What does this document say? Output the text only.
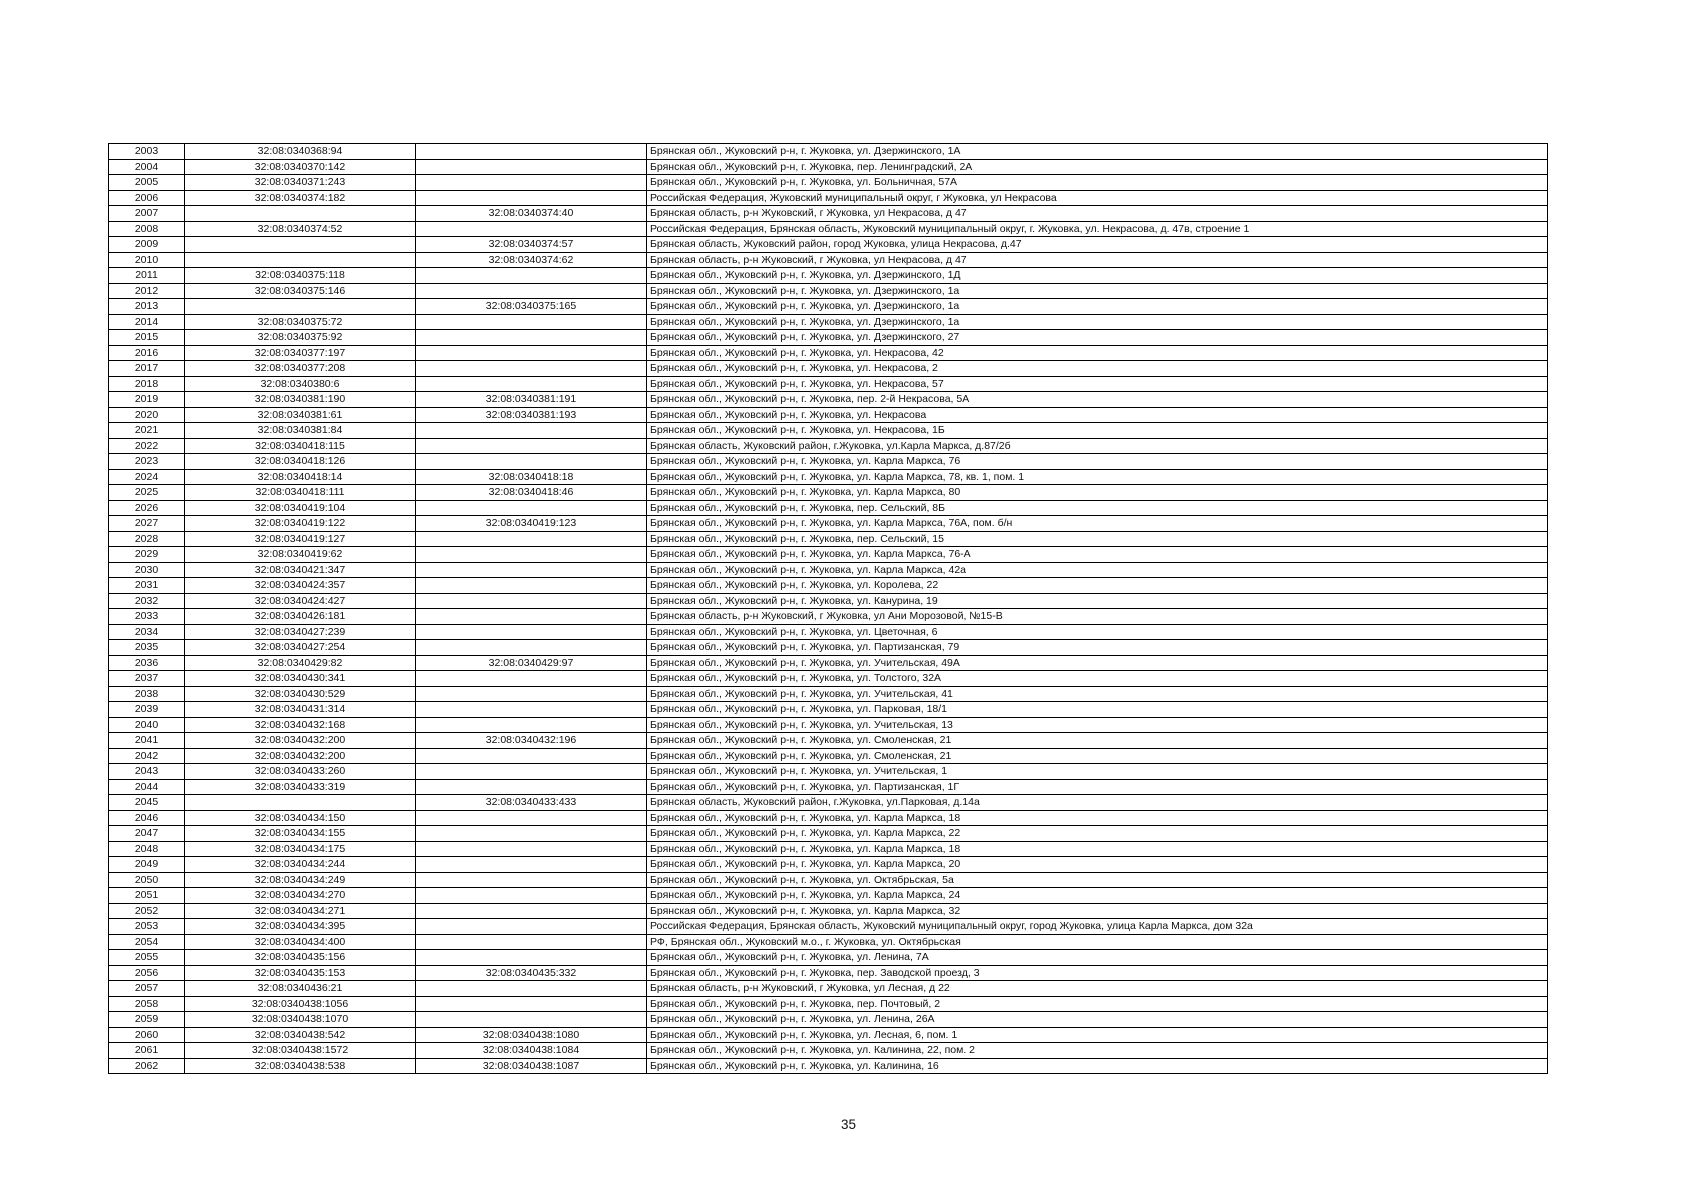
2003	32:08:0340368:94		Брянская обл., Жуковский р-н, г. Жуковка, ул. Дзержинского, 1А
2004	32:08:0340370:142		Брянская обл., Жуковский р-н, г. Жуковка, пер. Ленинградский, 2А
2005	32:08:0340371:243		Брянская обл., Жуковский р-н, г. Жуковка, ул. Больничная, 57А
2006	32:08:0340374:182		Российская Федерация, Жуковский муниципальный округ, г Жуковка, ул Некрасова
2007		32:08:0340374:40	Брянская область, р-н Жуковский, г Жуковка, ул Некрасова, д 47
2008	32:08:0340374:52		Российская Федерация, Брянская область, Жуковский муниципальный округ, г. Жуковка, ул. Некрасова, д. 47в, строение 1
2009		32:08:0340374:57	Брянская область, Жуковский район, город Жуковка, улица Некрасова, д.47
2010		32:08:0340374:62	Брянская область, р-н Жуковский, г Жуковка, ул Некрасова, д 47
2011	32:08:0340375:118		Брянская обл., Жуковский р-н, г. Жуковка, ул. Дзержинского, 1Д
2012	32:08:0340375:146		Брянская обл., Жуковский р-н, г. Жуковка, ул. Дзержинского, 1а
2013		32:08:0340375:165	Брянская обл., Жуковский р-н, г. Жуковка, ул. Дзержинского, 1а
2014	32:08:0340375:72		Брянская обл., Жуковский р-н, г. Жуковка, ул. Дзержинского, 1а
2015	32:08:0340375:92		Брянская обл., Жуковский р-н, г. Жуковка, ул. Дзержинского, 27
2016	32:08:0340377:197		Брянская обл., Жуковский р-н, г. Жуковка, ул. Некрасова, 42
2017	32:08:0340377:208		Брянская обл., Жуковский р-н, г. Жуковка, ул. Некрасова, 2
2018	32:08:0340380:6		Брянская обл., Жуковский р-н, г. Жуковка, ул. Некрасова, 57
2019	32:08:0340381:190	32:08:0340381:191	Брянская обл., Жуковский р-н, г. Жуковка, пер. 2-й Некрасова, 5А
2020	32:08:0340381:61	32:08:0340381:193	Брянская обл., Жуковский р-н, г. Жуковка, ул. Некрасова
2021	32:08:0340381:84		Брянская обл., Жуковский р-н, г. Жуковка, ул. Некрасова, 1Б
2022	32:08:0340418:115		Брянская область, Жуковский район, г.Жуковка, ул.Карла Маркса, д.87/2б
2023	32:08:0340418:126		Брянская обл., Жуковский р-н, г. Жуковка, ул. Карла Маркса, 76
2024	32:08:0340418:14	32:08:0340418:18	Брянская обл., Жуковский р-н, г. Жуковка, ул. Карла Маркса, 78, кв. 1, пом. 1
2025	32:08:0340418:111	32:08:0340418:46	Брянская обл., Жуковский р-н, г. Жуковка, ул. Карла Маркса, 80
2026	32:08:0340419:104		Брянская обл., Жуковский р-н, г. Жуковка, пер. Сельский, 8Б
2027	32:08:0340419:122	32:08:0340419:123	Брянская обл., Жуковский р-н, г. Жуковка, ул. Карла Маркса, 76А, пом. б/н
2028	32:08:0340419:127		Брянская обл., Жуковский р-н, г. Жуковка, пер. Сельский, 15
2029	32:08:0340419:62		Брянская обл., Жуковский р-н, г. Жуковка, ул. Карла Маркса, 76-А
2030	32:08:0340421:347		Брянская обл., Жуковский р-н, г. Жуковка, ул. Карла Маркса, 42а
2031	32:08:0340424:357		Брянская обл., Жуковский р-н, г. Жуковка, ул. Королева, 22
2032	32:08:0340424:427		Брянская обл., Жуковский р-н, г. Жуковка, ул. Канурина, 19
2033	32:08:0340426:181		Брянская область, р-н Жуковский, г Жуковка, ул Ани Морозовой, №15-В
2034	32:08:0340427:239		Брянская обл., Жуковский р-н, г. Жуковка, ул. Цветочная, 6
2035	32:08:0340427:254		Брянская обл., Жуковский р-н, г. Жуковка, ул. Партизанская, 79
2036	32:08:0340429:82	32:08:0340429:97	Брянская обл., Жуковский р-н, г. Жуковка, ул. Учительская, 49А
2037	32:08:0340430:341		Брянская обл., Жуковский р-н, г. Жуковка, ул. Толстого, 32А
2038	32:08:0340430:529		Брянская обл., Жуковский р-н, г. Жуковка, ул. Учительская, 41
2039	32:08:0340431:314		Брянская обл., Жуковский р-н, г. Жуковка, ул. Парковая, 18/1
2040	32:08:0340432:168		Брянская обл., Жуковский р-н, г. Жуковка, ул. Учительская, 13
2041	32:08:0340432:200	32:08:0340432:196	Брянская обл., Жуковский р-н, г. Жуковка, ул. Смоленская, 21
2042	32:08:0340432:200		Брянская обл., Жуковский р-н, г. Жуковка, ул. Смоленская, 21
2043	32:08:0340433:260		Брянская обл., Жуковский р-н, г. Жуковка, ул. Учительская, 1
2044	32:08:0340433:319		Брянская обл., Жуковский р-н, г. Жуковка, ул. Партизанская, 1Г
2045		32:08:0340433:433	Брянская область, Жуковский район, г.Жуковка, ул.Парковая, д.14а
2046	32:08:0340434:150		Брянская обл., Жуковский р-н, г. Жуковка, ул. Карла Маркса, 18
2047	32:08:0340434:155		Брянская обл., Жуковский р-н, г. Жуковка, ул. Карла Маркса, 22
2048	32:08:0340434:175		Брянская обл., Жуковский р-н, г. Жуковка, ул. Карла Маркса, 18
2049	32:08:0340434:244		Брянская обл., Жуковский р-н, г. Жуковка, ул. Карла Маркса, 20
2050	32:08:0340434:249		Брянская обл., Жуковский р-н, г. Жуковка, ул. Октябрьская, 5а
2051	32:08:0340434:270		Брянская обл., Жуковский р-н, г. Жуковка, ул. Карла Маркса, 24
2052	32:08:0340434:271		Брянская обл., Жуковский р-н, г. Жуковка, ул. Карла Маркса, 32
2053	32:08:0340434:395		Российская Федерация, Брянская область, Жуковский муниципальный округ, город Жуковка, улица Карла Маркса, дом 32а
2054	32:08:0340434:400		РФ, Брянская обл., Жуковский м.о., г. Жуковка, ул. Октябрьская
2055	32:08:0340435:156		Брянская обл., Жуковский р-н, г. Жуковка, ул. Ленина, 7А
2056	32:08:0340435:153	32:08:0340435:332	Брянская обл., Жуковский р-н, г. Жуковка, пер. Заводской проезд, 3
2057	32:08:0340436:21		Брянская область, р-н Жуковский, г Жуковка, ул Лесная, д 22
2058	32:08:0340438:1056		Брянская обл., Жуковский р-н, г. Жуковка, пер. Почтовый, 2
2059	32:08:0340438:1070		Брянская обл., Жуковский р-н, г. Жуковка, ул. Ленина, 26А
2060	32:08:0340438:542	32:08:0340438:1080	Брянская обл., Жуковский р-н, г. Жуковка, ул. Лесная, 6, пом. 1
2061	32:08:0340438:1572	32:08:0340438:1084	Брянская обл., Жуковский р-н, г. Жуковка, ул. Калинина, 22, пом. 2
2062	32:08:0340438:538	32:08:0340438:1087	Брянская обл., Жуковский р-н, г. Жуковка, ул. Калинина, 16
35
